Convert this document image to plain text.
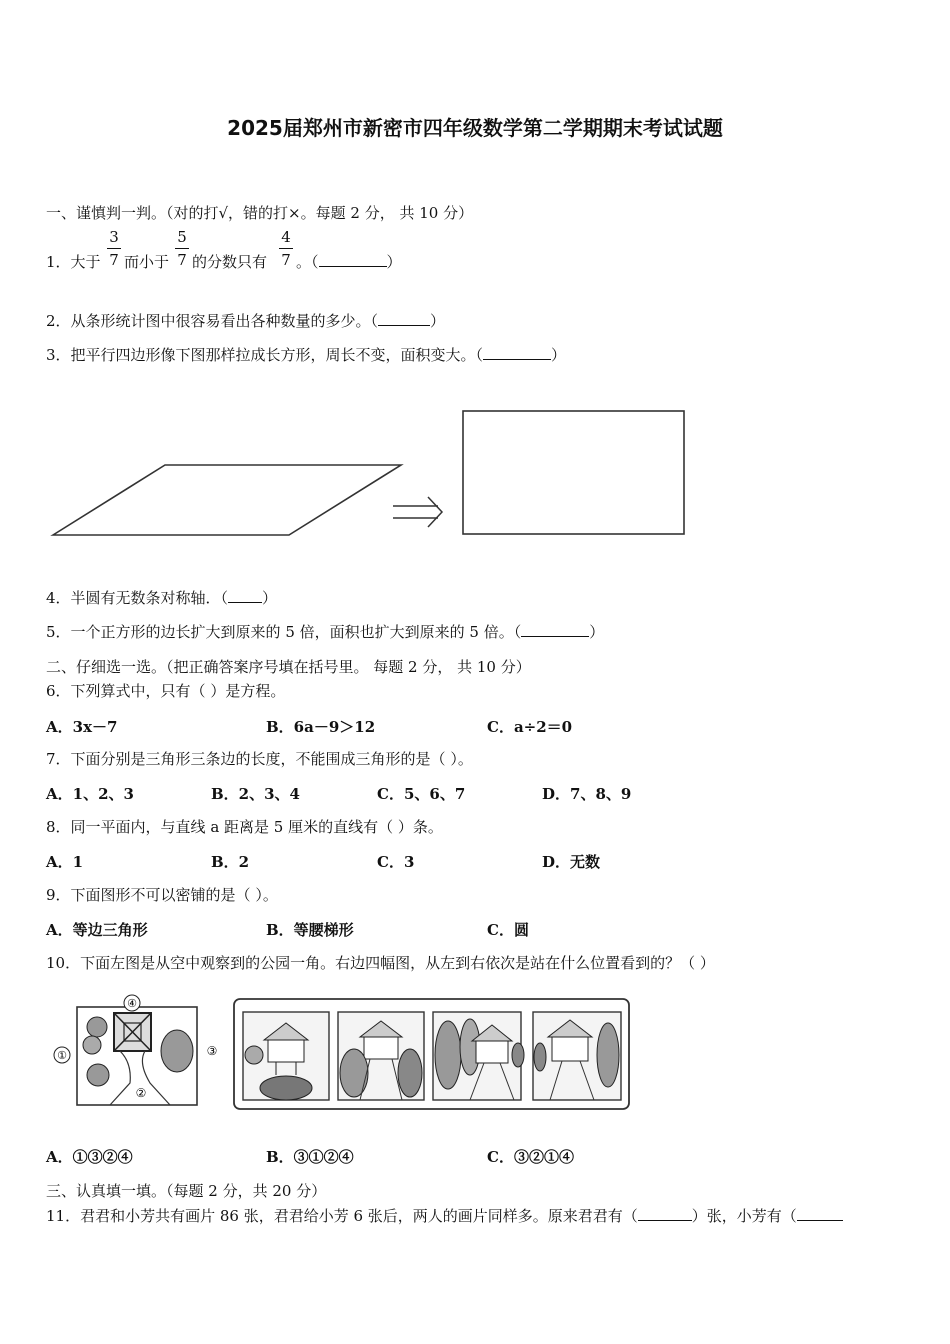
2025届郑州市新密市四年级数学第二学期期末考试试题
一、谨慎判一判。（对的打√，错的打×。每题 2 分， 共 10 分）
1．大于
3
7 而小于
5
7 的分数只有
4
7 。（	）
2．从条形统计图中很容易看出各种数量的多少。（	）
3．把平行四边形像下图那样拉成长方形，周长不变，面积变大。（	）
4．半圆有无数条对称轴．（ ）
5．一个正方形的边长扩大到原来的 5 倍，面积也扩大到原来的 5 倍。（	）
二、仔细选一选。（把正确答案序号填在括号里。 每题 2 分， 共 10 分）
6．下列算式中，只有（ ）是方程。
A．3x－7	B．6a－9＞12	C．a÷2＝0
7．下面分别是三角形三条边的长度，不能围成三角形的是（ ）。
A．1、2、3	B．2、3、4	C．5、6、7	D．7、8、9
8．同一平面内，与直线 a 距离是 5 厘米的直线有（ ）条。
A．1	B．2	C．3	D．无数
9．下面图形不可以密铺的是（ ）。
A．等边三角形	B．等腰梯形	C．圆
10．下面左图是从空中观察到的公园一角。右边四幅图，从左到右依次是站在什么位置看到的？（ ）
④
①
②
③
A．①③②④	B．③①②④	C．③②①④
三、认真填一填。（每题 2 分，共 20 分）
11．君君和小芳共有画片 86 张，君君给小芳 6 张后，两人的画片同样多。原来君君有（	）张，小芳有（
